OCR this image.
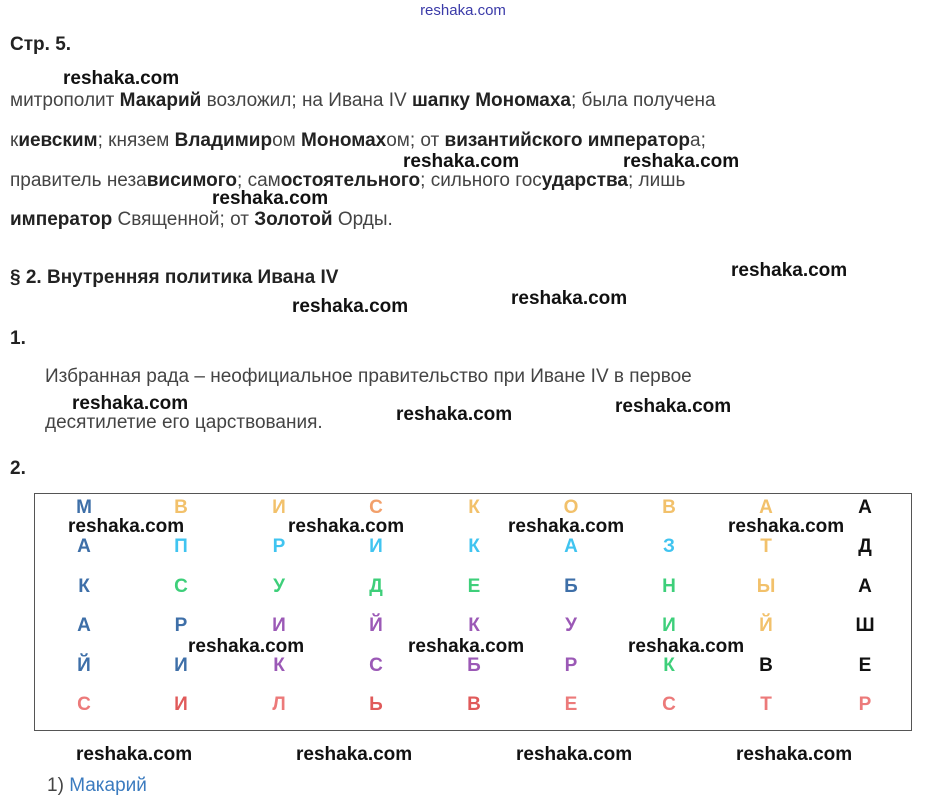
reshaka.com
Стр. 5.
митрополит Макарий возложил; на Ивана IV шапку Мономаха; была получена
киевским; князем Владимиром Мономахом; от византийского императора;
правитель независимого; самостоятельного; сильного государства; лишь
император Священной; от Золотой Орды.
§ 2. Внутренняя политика Ивана IV
1.
Избранная рада – неофициальное правительство при Иване IV в первое
десятилетие его царствования.
2.
М	В	И	С	К	О	В	А	А
А	П	Р	И	К	А	З	Т	Д
К	С	У	Д	Е	Б	Н	Ы	А
А	Р	И	Й	К	У	И	Й	Ш
Й	И	К	С	Б	Р	К	В	Е
С	И	Л	Ь	В	Е	С	Т	Р
1) Макарий
reshaka.com
reshaka.com	reshaka.com
reshaka.com
reshaka.com
reshaka.com
reshaka.com
reshaka.com	reshaka.com
reshaka.com
reshaka.com	reshaka.com	reshaka.com	reshaka.com
reshaka.com	reshaka.com	reshaka.com
reshaka.com	reshaka.com	reshaka.com	reshaka.com
